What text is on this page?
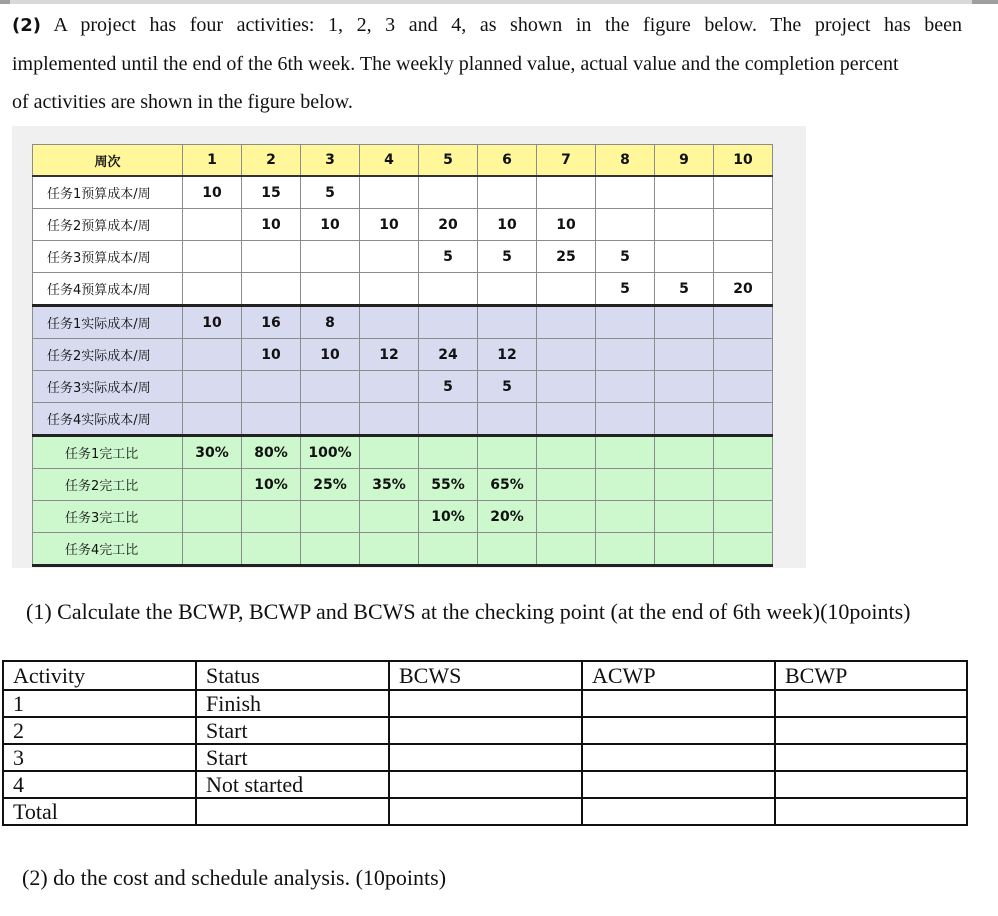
(2) A project has four activities: 1, 2, 3 and 4, as shown in the figure below. The project has been
implemented until the end of the 6th week. The weekly planned value, actual value and the completion percent
of activities are shown in the figure below.
周次	1	2	3	4	5	6	7	8	9	10
任务1预算成本/周	10	15	5							
任务2预算成本/周		10	10	10	20	10	10			
任务3预算成本/周					5	5	25	5		
任务4预算成本/周								5	5	20
任务1实际成本/周	10	16	8							
任务2实际成本/周		10	10	12	24	12				
任务3实际成本/周					5	5				
任务4实际成本/周										
任务1完工比	30%	80%	100%							
任务2完工比		10%	25%	35%	55%	65%				
任务3完工比					10%	20%				
任务4完工比										
(1) Calculate the BCWP, BCWP and BCWS at the checking point (at the end of 6th week)(10points)
Activity	Status	BCWS	ACWP	BCWP
1	Finish			
2	Start			
3	Start			
4	Not started			
Total				
(2) do the cost and schedule analysis. (10points)
